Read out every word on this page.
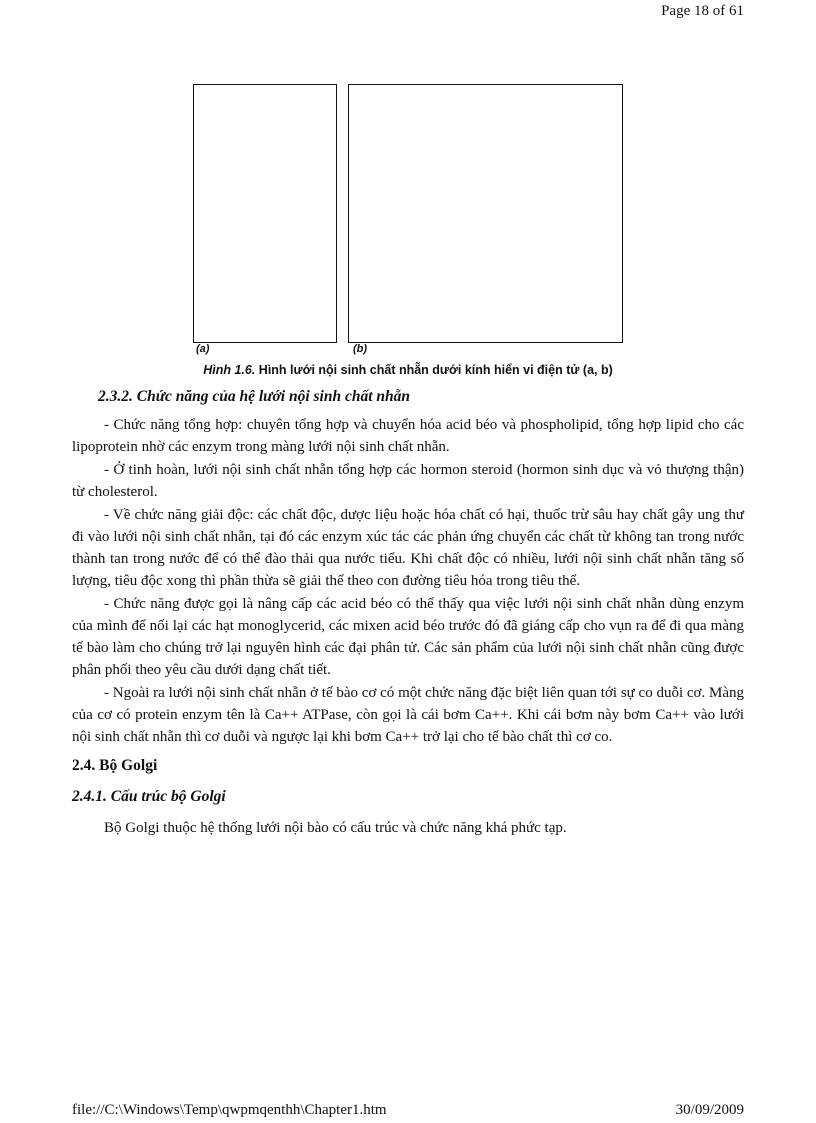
Page 18 of 61
(a)	(b)
Hình 1.6. Hình lưới nội sinh chất nhẵn dưới kính hiển vi điện tử (a, b)
2.3.2. Chức năng của hệ lưới nội sinh chất nhẵn

- Chức năng tổng hợp: chuyên tổng hợp và chuyển hóa acid béo và phospholipid, tổng hợp lipid cho các lipoprotein nhờ các enzym trong màng lưới nội sinh chất nhẵn.

- Ở tinh hoàn, lưới nội sinh chất nhẵn tổng hợp các hormon steroid (hormon sinh dục và vỏ thượng thận) từ cholesterol.

- Về chức năng giải độc: các chất độc, dược liệu hoặc hóa chất có hại, thuốc trừ sâu hay chất gây ung thư đi vào lưới nội sinh chất nhẵn, tại đó các enzym xúc tác các phản ứng chuyển các chất từ không tan trong nước thành tan trong nước để có thể đào thải qua nước tiểu. Khi chất độc có nhiều, lưới nội sinh chất nhẵn tăng số lượng, tiêu độc xong thì phần thừa sẽ giải thể theo con đường tiêu hóa trong tiêu thể.

- Chức năng được gọi là nâng cấp các acid béo có thể thấy qua việc lưới nội sinh chất nhẵn dùng enzym của mình để nối lại các hạt monoglycerid, các mixen acid béo trước đó đã giáng cấp cho vụn ra để đi qua màng tế bào làm cho chúng trở lại nguyên hình các đại phân tử. Các sản phẩm của lưới nội sinh chất nhẵn cũng được phân phối theo yêu cầu dưới dạng chất tiết.

- Ngoài ra lưới nội sinh chất nhẵn ở tế bào cơ có một chức năng đặc biệt liên quan tới sự co duỗi cơ. Màng của cơ có protein enzym tên là Ca++ ATPase, còn gọi là cái bơm Ca++. Khi cái bơm này bơm Ca++ vào lưới nội sinh chất nhẵn thì cơ duỗi và ngược lại khi bơm Ca++ trở lại cho tế bào chất thì cơ co.

2.4. Bộ Golgi
2.4.1. Cấu trúc bộ Golgi

Bộ Golgi thuộc hệ thống lưới nội bào có cấu trúc và chức năng khá phức tạp.

file://C:\Windows\Temp\qwpmqenthh\Chapter1.htm	30/09/2009
